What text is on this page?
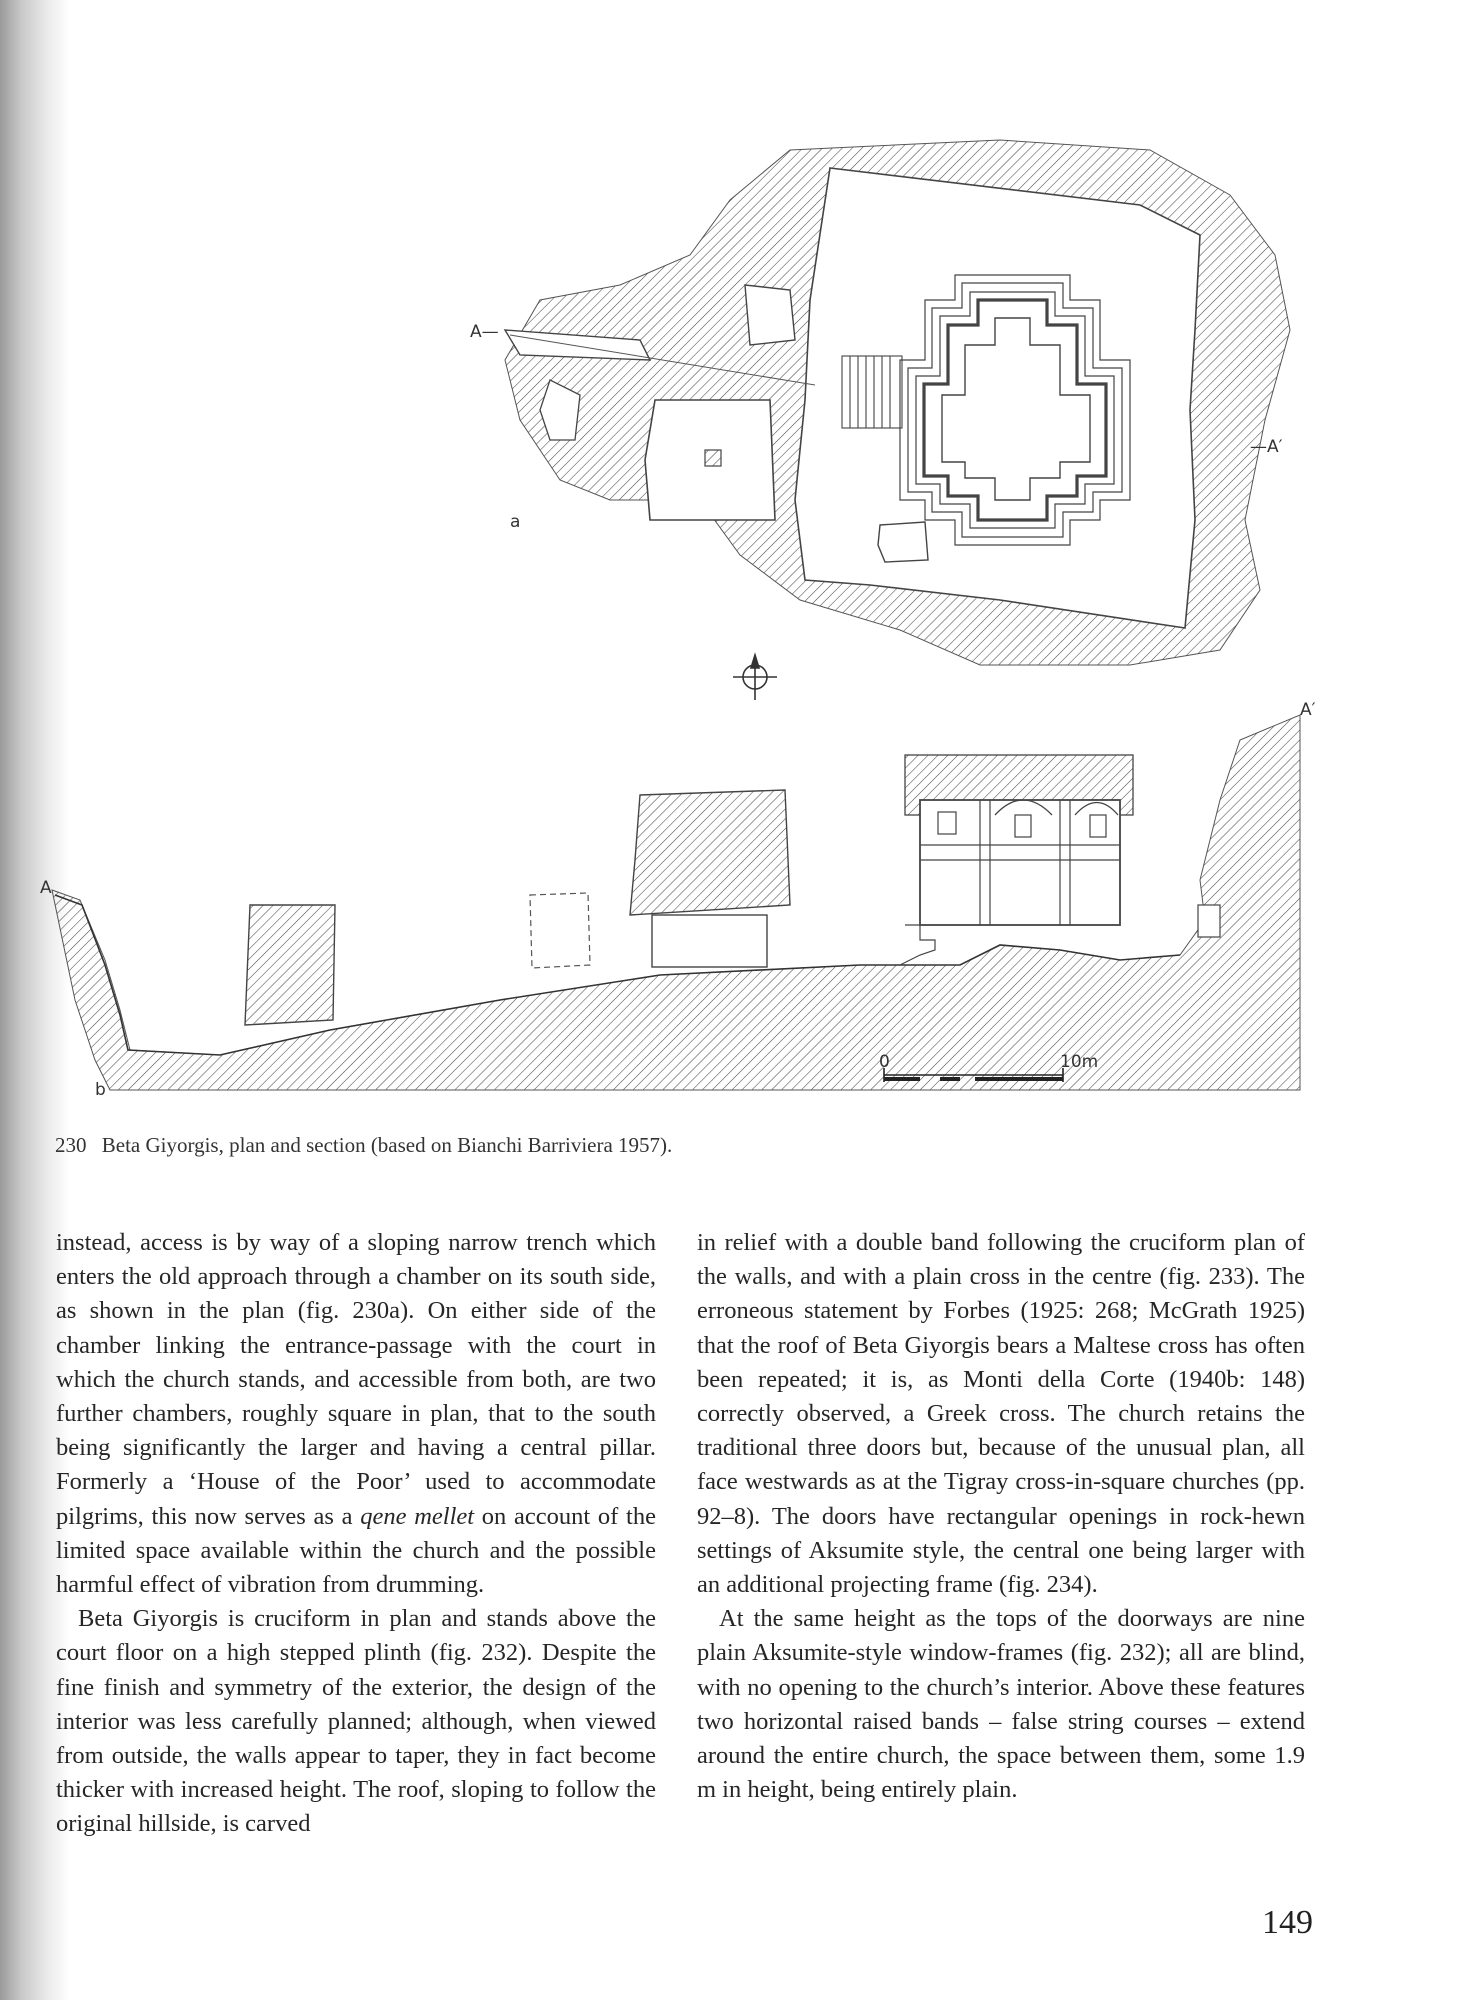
A—
—A′
a
A
A′
b
0	10m
230 Beta Giyorgis, plan and section (based on Bianchi Barriviera 1957).

instead, access is by way of a sloping narrow trench which enters the old approach through a chamber on its south side, as shown in the plan (fig. 230a). On either side of the chamber linking the entrance-passage with the court in which the church stands, and accessible from both, are two further chambers, roughly square in plan, that to the south being significantly the larger and having a central pillar. Formerly a ‘House of the Poor’ used to accommodate pilgrims, this now serves as a qene mellet on account of the limited space available within the church and the possible harmful effect of vibration from drumming.

Beta Giyorgis is cruciform in plan and stands above the court floor on a high stepped plinth (fig. 232). Despite the fine finish and symmetry of the exterior, the design of the interior was less carefully planned; although, when viewed from outside, the walls appear to taper, they in fact become thicker with increased height. The roof, sloping to follow the original hillside, is carved

in relief with a double band following the cruciform plan of the walls, and with a plain cross in the centre (fig. 233). The erroneous statement by Forbes (1925: 268; McGrath 1925) that the roof of Beta Giyorgis bears a Maltese cross has often been repeated; it is, as Monti della Corte (1940b: 148) correctly observed, a Greek cross. The church retains the traditional three doors but, because of the unusual plan, all face westwards as at the Tigray cross-in-square churches (pp. 92–8). The doors have rectangular openings in rock-hewn settings of Aksumite style, the central one being larger with an additional projecting frame (fig. 234).

At the same height as the tops of the doorways are nine plain Aksumite-style window-frames (fig. 232); all are blind, with no opening to the church’s interior. Above these features two horizontal raised bands – false string courses – extend around the entire church, the space between them, some 1.9 m in height, being entirely plain.

149
